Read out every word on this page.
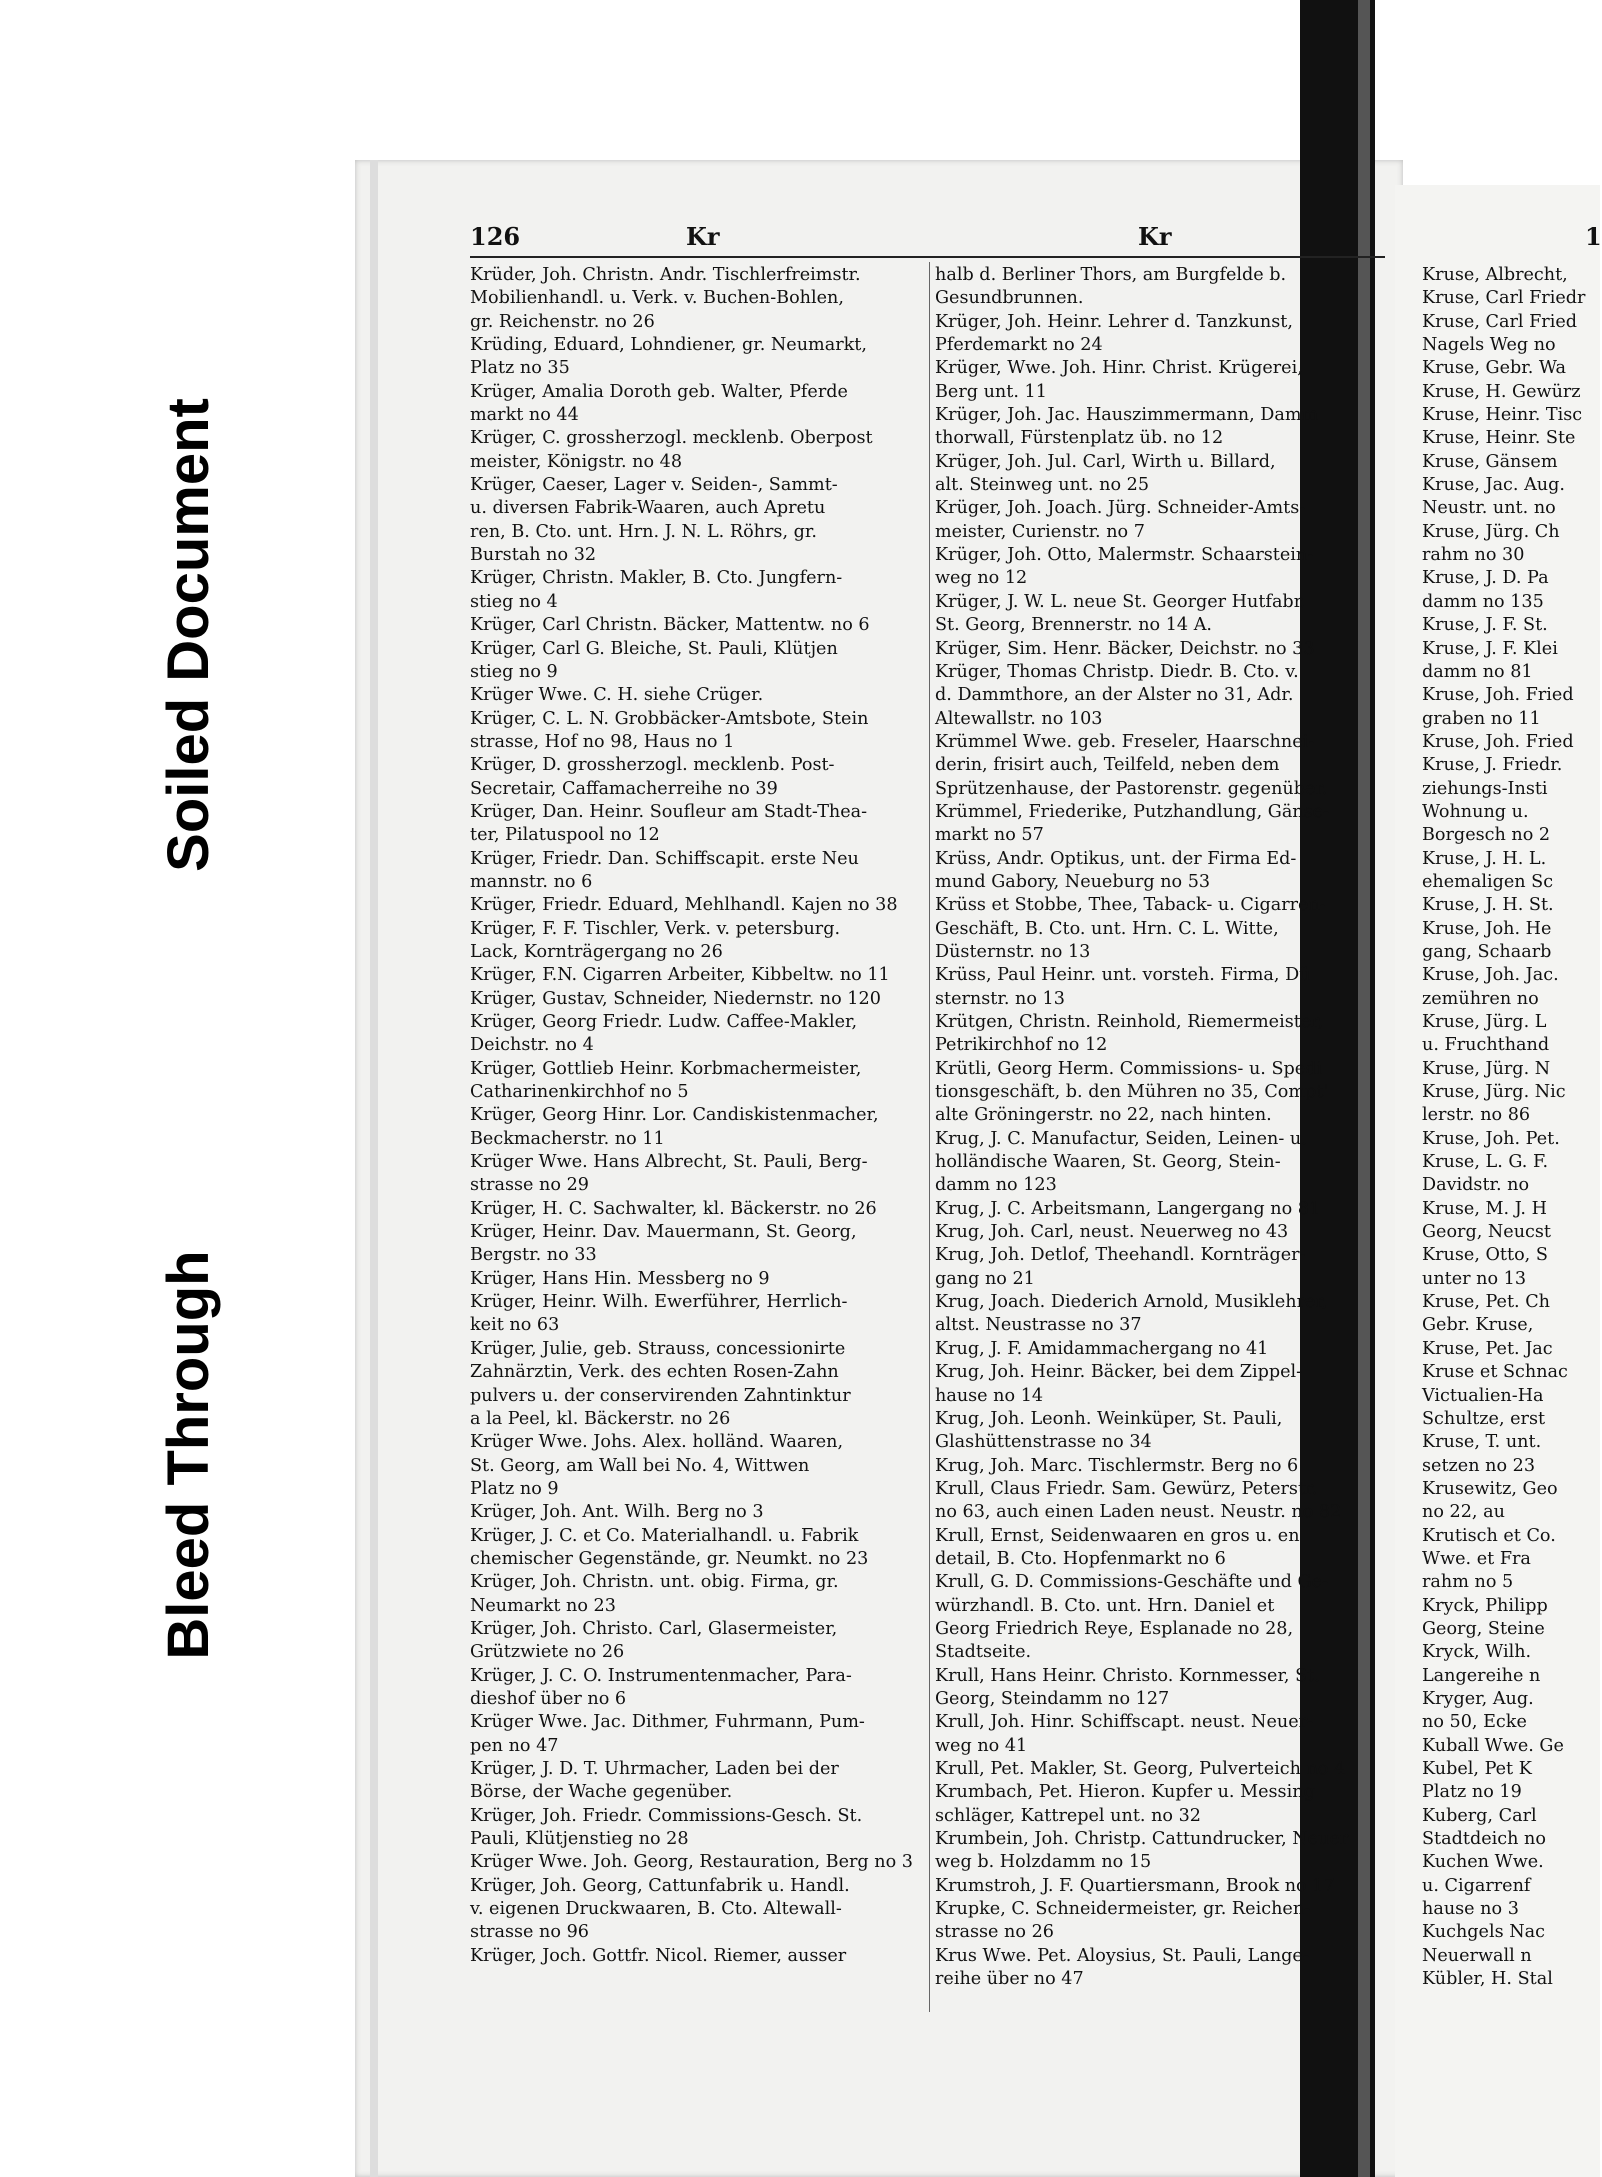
Soiled Document
Bleed Through
126	Kr	Kr	1
Krüder, Joh. Christn. Andr. Tischlerfreimstr.
Mobilienhandl. u. Verk. v. Buchen-Bohlen,
gr. Reichenstr. no 26
Krüding, Eduard, Lohndiener, gr. Neumarkt,
Platz no 35
Krüger, Amalia Doroth geb. Walter, Pferde
markt no 44
Krüger, C. grossherzogl. mecklenb. Oberpost
meister, Königstr. no 48
Krüger, Caeser, Lager v. Seiden-, Sammt-
u. diversen Fabrik-Waaren, auch Apretu
ren, B. Cto. unt. Hrn. J. N. L. Röhrs, gr.
Burstah no 32
Krüger, Christn. Makler, B. Cto. Jungfern-
stieg no 4
Krüger, Carl Christn. Bäcker, Mattentw. no 6
Krüger, Carl G. Bleiche, St. Pauli, Klütjen
stieg no 9
Krüger Wwe. C. H. siehe Crüger.
Krüger, C. L. N. Grobbäcker-Amtsbote, Stein
strasse, Hof no 98, Haus no 1
Krüger, D. grossherzogl. mecklenb. Post-
Secretair, Caffamacherreihe no 39
Krüger, Dan. Heinr. Soufleur am Stadt-Thea-
ter, Pilatuspool no 12
Krüger, Friedr. Dan. Schiffscapit. erste Neu
mannstr. no 6
Krüger, Friedr. Eduard, Mehlhandl. Kajen no 38
Krüger, F. F. Tischler, Verk. v. petersburg.
Lack, Kornträgergang no 26
Krüger, F.N. Cigarren Arbeiter, Kibbeltw. no 11
Krüger, Gustav, Schneider, Niedernstr. no 120
Krüger, Georg Friedr. Ludw. Caffee-Makler,
Deichstr. no 4
Krüger, Gottlieb Heinr. Korbmachermeister,
Catharinenkirchhof no 5
Krüger, Georg Hinr. Lor. Candiskistenmacher,
Beckmacherstr. no 11
Krüger Wwe. Hans Albrecht, St. Pauli, Berg-
strasse no 29
Krüger, H. C. Sachwalter, kl. Bäckerstr. no 26
Krüger, Heinr. Dav. Mauermann, St. Georg,
Bergstr. no 33
Krüger, Hans Hin. Messberg no 9
Krüger, Heinr. Wilh. Ewerführer, Herrlich-
keit no 63
Krüger, Julie, geb. Strauss, concessionirte
Zahnärztin, Verk. des echten Rosen-Zahn
pulvers u. der conservirenden Zahntinktur
a la Peel, kl. Bäckerstr. no 26
Krüger Wwe. Johs. Alex. holländ. Waaren,
St. Georg, am Wall bei No. 4, Wittwen
Platz no 9
Krüger, Joh. Ant. Wilh. Berg no 3
Krüger, J. C. et Co. Materialhandl. u. Fabrik
chemischer Gegenstände, gr. Neumkt. no 23
Krüger, Joh. Christn. unt. obig. Firma, gr.
Neumarkt no 23
Krüger, Joh. Christo. Carl, Glasermeister,
Grützwiete no 26
Krüger, J. C. O. Instrumentenmacher, Para-
dieshof über no 6
Krüger Wwe. Jac. Dithmer, Fuhrmann, Pum-
pen no 47
Krüger, J. D. T. Uhrmacher, Laden bei der
Börse, der Wache gegenüber.
Krüger, Joh. Friedr. Commissions-Gesch. St.
Pauli, Klütjenstieg no 28
Krüger Wwe. Joh. Georg, Restauration, Berg no 3
Krüger, Joh. Georg, Cattunfabrik u. Handl.
v. eigenen Druckwaaren, B. Cto. Altewall-
strasse no 96
Krüger, Joch. Gottfr. Nicol. Riemer, ausser
halb d. Berliner Thors, am Burgfelde b.
Gesundbrunnen.
Krüger, Joh. Heinr. Lehrer d. Tanzkunst,
Pferdemarkt no 24
Krüger, Wwe. Joh. Hinr. Christ. Krügerei,
Berg unt. 11
Krüger, Joh. Jac. Hauszimmermann, Damm
thorwall, Fürstenplatz üb. no 12
Krüger, Joh. Jul. Carl, Wirth u. Billard,
alt. Steinweg unt. no 25
Krüger, Joh. Joach. Jürg. Schneider-Amts-
meister, Curienstr. no 7
Krüger, Joh. Otto, Malermstr. Schaarstein-
weg no 12
Krüger, J. W. L. neue St. Georger Hutfabr.
St. Georg, Brennerstr. no 14 A.
Krüger, Sim. Henr. Bäcker, Deichstr. no 33
Krüger, Thomas Christp. Diedr. B. Cto. v.
d. Dammthore, an der Alster no 31, Adr.
Altewallstr. no 103
Krümmel Wwe. geb. Freseler, Haarschnei-
derin, frisirt auch, Teilfeld, neben dem
Sprützenhause, der Pastorenstr. gegenüber.
Krümmel, Friederike, Putzhandlung, Gänse-
markt no 57
Krüss, Andr. Optikus, unt. der Firma Ed-
mund Gabory, Neueburg no 53
Krüss et Stobbe, Thee, Taback- u. Cigarren-
Geschäft, B. Cto. unt. Hrn. C. L. Witte,
Düsternstr. no 13
Krüss, Paul Heinr. unt. vorsteh. Firma, Dü
sternstr. no 13
Krütgen, Christn. Reinhold, Riemermeister,
Petrikirchhof no 12
Krütli, Georg Herm. Commissions- u. Spedi
tionsgeschäft, b. den Mühren no 35, Compt'
alte Gröningerstr. no 22, nach hinten.
Krug, J. C. Manufactur, Seiden, Leinen- u.
holländische Waaren, St. Georg, Stein-
damm no 123
Krug, J. C. Arbeitsmann, Langergang no 81
Krug, Joh. Carl, neust. Neuerweg no 43
Krug, Joh. Detlof, Theehandl. Kornträger-
gang no 21
Krug, Joach. Diederich Arnold, Musiklehrer,
altst. Neustrasse no 37
Krug, J. F. Amidammachergang no 41
Krug, Joh. Heinr. Bäcker, bei dem Zippel-
hause no 14
Krug, Joh. Leonh. Weinküper, St. Pauli,
Glashüttenstrasse no 34
Krug, Joh. Marc. Tischlermstr. Berg no 6
Krull, Claus Friedr. Sam. Gewürz, Peterstr.
no 63, auch einen Laden neust. Neustr. no 82
Krull, Ernst, Seidenwaaren en gros u. en
detail, B. Cto. Hopfenmarkt no 6
Krull, G. D. Commissions-Geschäfte und Ge-
würzhandl. B. Cto. unt. Hrn. Daniel et
Georg Friedrich Reye, Esplanade no 28,
Stadtseite.
Krull, Hans Heinr. Christo. Kornmesser, St.
Georg, Steindamm no 127
Krull, Joh. Hinr. Schiffscapt. neust. Neuer-
weg no 41
Krull, Pet. Makler, St. Georg, Pulverteich no 4
Krumbach, Pet. Hieron. Kupfer u. Messing
schläger, Kattrepel unt. no 32
Krumbein, Joh. Christp. Cattundrucker, Neuer
weg b. Holzdamm no 15
Krumstroh, J. F. Quartiersmann, Brook no 17
Krupke, C. Schneidermeister, gr. Reichen-
strasse no 26
Krus Wwe. Pet. Aloysius, St. Pauli, Lange-
reihe über no 47
Kruse, Albrecht,
Kruse, Carl Friedr
Kruse, Carl Fried
Nagels Weg no
Kruse, Gebr. Wa
Kruse, H. Gewürz
Kruse, Heinr. Tisc
Kruse, Heinr. Ste
Kruse, Gänsem
Kruse, Jac. Aug.
Neustr. unt. no
Kruse, Jürg. Ch
rahm no 30
Kruse, J. D. Pa
damm no 135
Kruse, J. F. St.
Kruse, J. F. Klei
damm no 81
Kruse, Joh. Fried
graben no 11
Kruse, Joh. Fried
Kruse, J. Friedr.
ziehungs-Insti
Wohnung u.
Borgesch no 2
Kruse, J. H. L.
ehemaligen Sc
Kruse, J. H. St.
Kruse, Joh. He
gang, Schaarb
Kruse, Joh. Jac.
zemühren no
Kruse, Jürg. L
u. Fruchthand
Kruse, Jürg. N
Kruse, Jürg. Nic
lerstr. no 86
Kruse, Joh. Pet.
Kruse, L. G. F.
Davidstr. no
Kruse, M. J. H
Georg, Neucst
Kruse, Otto, S
unter no 13
Kruse, Pet. Ch
Gebr. Kruse,
Kruse, Pet. Jac
Kruse et Schnac
Victualien-Ha
Schultze, erst
Kruse, T. unt.
setzen no 23
Krusewitz, Geo
no 22, au
Krutisch et Co.
Wwe. et Fra
rahm no 5
Kryck, Philipp
Georg, Steine
Kryck, Wilh.
Langereihe n
Kryger, Aug.
no 50, Ecke
Kuball Wwe. Ge
Kubel, Pet K
Platz no 19
Kuberg, Carl
Stadtdeich no
Kuchen Wwe.
u. Cigarrenf
hause no 3
Kuchgels Nac
Neuerwall n
Kübler, H. Stal
